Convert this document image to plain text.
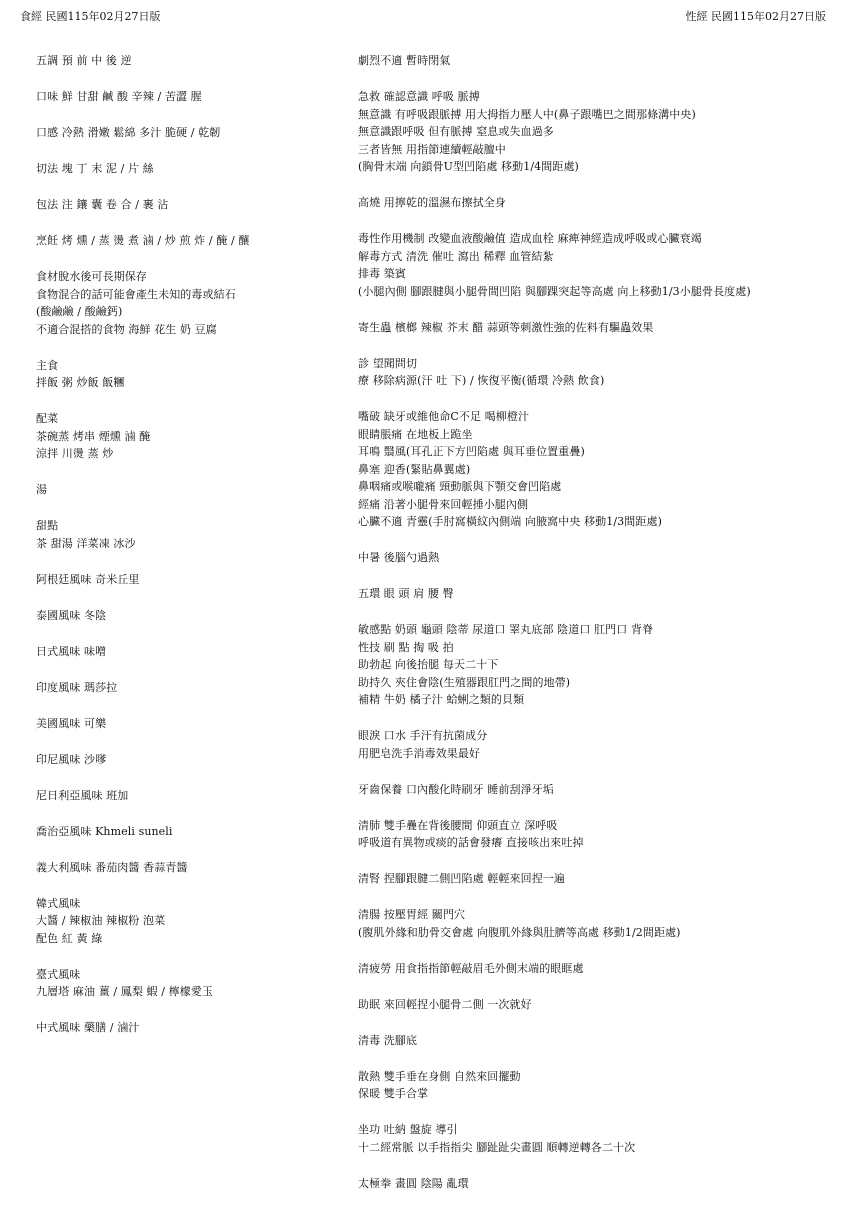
食經 民國115年02月27日版	性經 民國115年02月27日版
五調 預 前 中 後 逆
口味 鮮 甘甜 鹹 酸 辛辣 / 苦澀 腥
口感 冷熱 滑嫩 鬆綿 多汁 脆硬 / 乾韌
切法 塊 丁 末 泥 / 片 絲
包法 注 鑲 囊 卷 合 / 裹 沾
烹飪 烤 燻 / 蒸 燙 煮 滷 / 炒 煎 炸 / 醃 / 釀
食材脫水後可長期保存
食物混合的話可能會產生未知的毒或結石
(酸鹼鹼 / 酸鹼鈣)
不適合混搭的食物 海鮮 花生 奶 豆腐
主食
拌飯 粥 炒飯 飯糰
配菜
茶碗蒸 烤串 煙燻 滷 醃
涼拌 川燙 蒸 炒
湯
甜點
茶 甜湯 洋菜凍 冰沙
阿根廷風味 奇米丘里
泰國風味 冬陰
日式風味 味噌
印度風味 瑪莎拉
美國風味 可樂
印尼風味 沙嗲
尼日利亞風味 班加
喬治亞風味 Khmeli suneli
義大利風味 番茄肉醬 香蒜青醬
韓式風味
大醬 / 辣椒油 辣椒粉 泡菜
配色 紅 黃 綠
臺式風味
九層塔 麻油 薑 / 鳳梨 蝦 / 檸檬愛玉
中式風味 藥膳 / 滷汁
劇烈不適 暫時閉氣
急救 確認意識 呼吸 脈搏
無意識 有呼吸跟脈搏 用大拇指力壓人中(鼻子跟嘴巴之間那條溝中央)
無意識跟呼吸 但有脈搏 窒息或失血過多
三者皆無 用指節連續輕敲膻中
(胸骨末端 向鎖骨U型凹陷處 移動1/4間距處)
高燒 用擰乾的溫濕布擦拭全身
毒性作用機制 改變血液酸鹼值 造成血栓 麻痺神經造成呼吸或心臟衰竭
解毒方式 清洗 催吐 瀉出 稀釋 血管結紮
排毒 築賓
(小腿內側 腳跟腱與小腿骨間凹陷 與腳踝突起等高處 向上移動1/3小腿骨長度處)
寄生蟲 檳榔 辣椒 芥末 醋 蒜頭等刺激性強的佐料有驅蟲效果
診 望聞問切
療 移除病源(汗 吐 下) / 恢復平衡(循環 冷熱 飲食)
嘴破 缺牙或維他命C不足 喝柳橙汁
眼睛脹痛 在地板上跪坐
耳鳴 翳風(耳孔正下方凹陷處 與耳垂位置重疊)
鼻塞 迎香(緊貼鼻翼處)
鼻咽痛或喉嚨痛 頸動脈與下顎交會凹陷處
經痛 沿著小腿骨來回輕捶小腿內側
心臟不適 青靈(手肘窩橫紋內側端 向腋窩中央 移動1/3間距處)
中暑 後腦勺過熱
五環 眼 頭 肩 腰 臀
敏感點 奶頭 龜頭 陰蒂 尿道口 睪丸底部 陰道口 肛門口 背脊
性技 刷 點 掏 吸 拍
助勃起 向後抬腿 每天二十下
助持久 夾住會陰(生殖器跟肛門之間的地帶)
補精 牛奶 橘子汁 蛤蜊之類的貝類
眼淚 口水 手汗有抗菌成分
用肥皂洗手消毒效果最好
牙齒保養 口內酸化時刷牙 睡前刮淨牙垢
清肺 雙手疊在背後腰間 仰頭直立 深呼吸
呼吸道有異物或痰的話會發癢 直接咳出來吐掉
清腎 捏腳跟腱二側凹陷處 輕輕來回捏一遍
清腸 按壓胃經 關門穴
(腹肌外緣和肋骨交會處 向腹肌外緣與肚臍等高處 移動1/2間距處)
清疲勞 用食指指節輕敲眉毛外側末端的眼眶處
助眠 來回輕捏小腿骨二側 一次就好
清毒 洗腳底
散熱 雙手垂在身側 自然來回擺動
保暖 雙手合掌
坐功 吐納 盤旋 導引
十二經常脈 以手指指尖 腳趾趾尖畫圓 順轉逆轉各二十次
太極拳 畫圓 陰陽 亂環
